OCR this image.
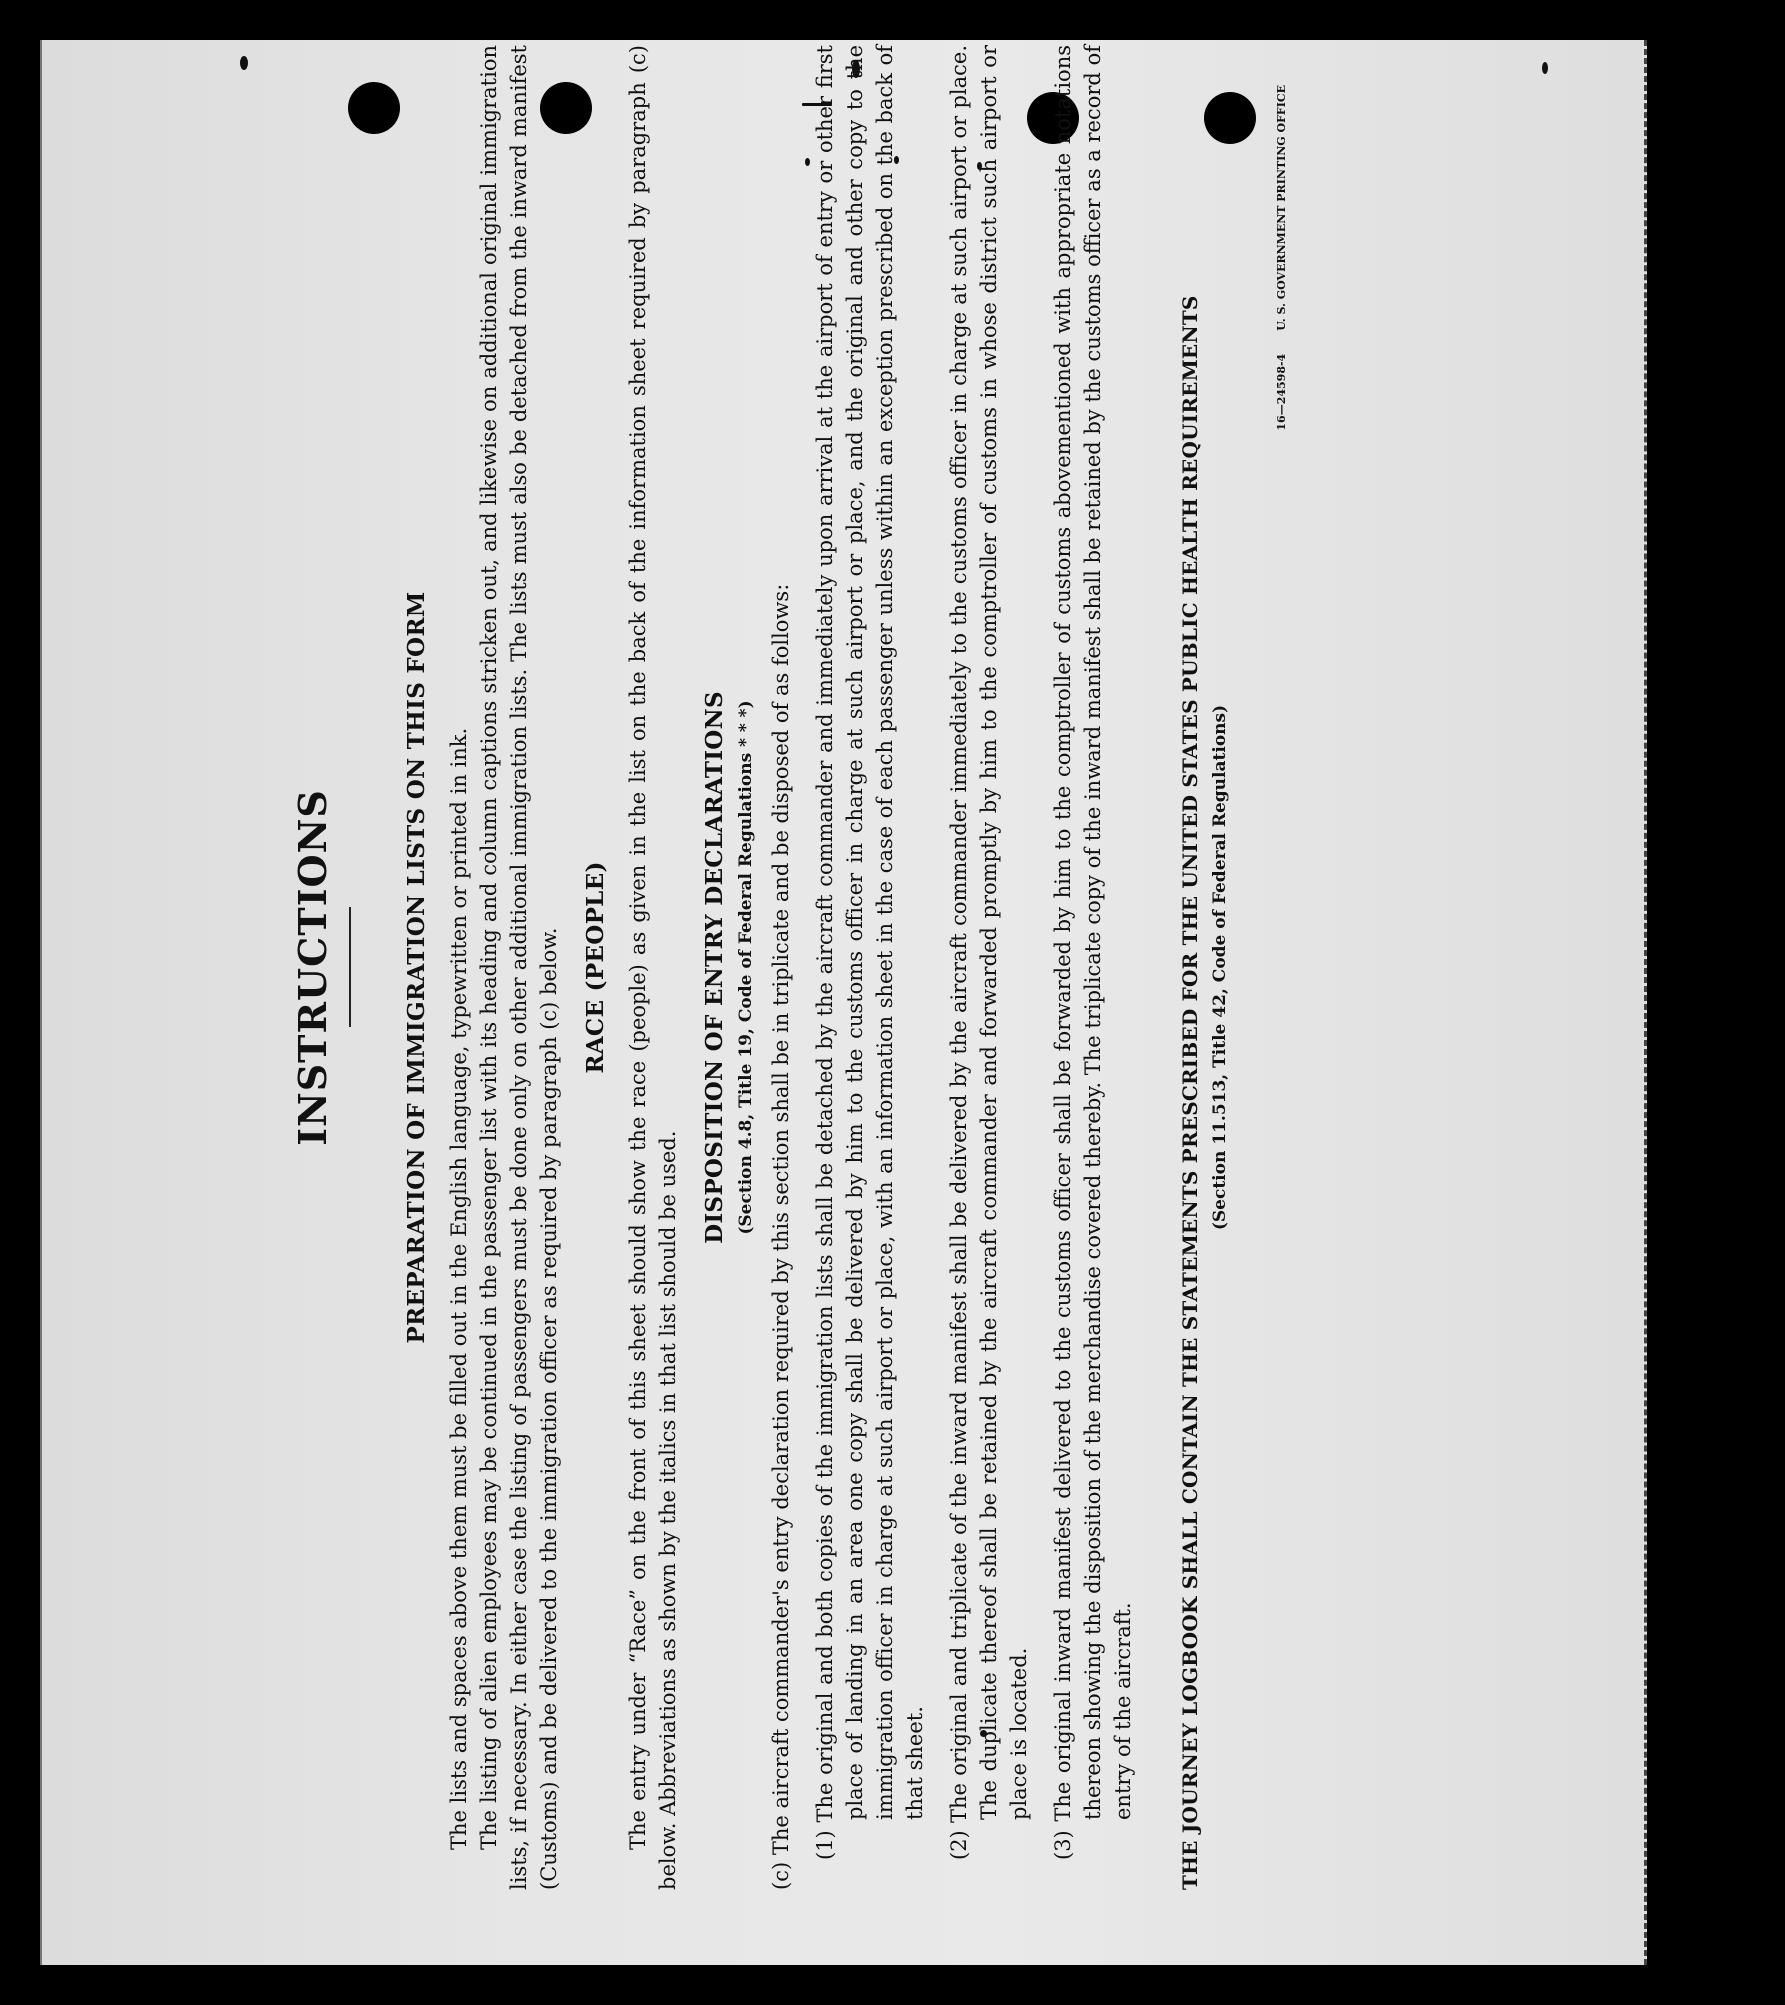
INSTRUCTIONS	PREPARATION OF IMMIGRATION LISTS ON THIS FORM The lists and spaces above them must be filled out in the English language, typewritten or printed in ink. The listing of alien employees may be continued in the passenger list with its heading and column captions stricken out, and likewise on additional original immigration lists, if necessary. In either case the listing of passengers must be done only on other additional immigration lists. The lists must also be detached from the inward manifest (Customs) and be delivered to the immigration officer as required by paragraph (c) below. RACE (PEOPLE) The entry under “Race” on the front of this sheet should show the race (people) as given in the list on the back of the information sheet required by paragraph (c) below. Abbreviations as shown by the italics in that list should be used.

DISPOSITION OF ENTRY DECLARATIONS (Section 4.8, Title 19, Code of Federal Regulations * * *) (c) The aircraft commander's entry declaration required by this section shall be in triplicate and be disposed of as follows: (1) The original and both copies of the immigration lists shall be detached by the aircraft commander and immediately upon arrival at the airport of entry or other first place of landing in an area one copy shall be delivered by him to the customs officer in charge at such airport or place, and the original and other copy to the immigration officer in charge at such airport or place, with an information sheet in the case of each passenger unless within an exception prescribed on the back of that sheet. (2) The original and triplicate of the inward manifest shall be delivered by the aircraft commander immediately to the customs officer in charge at such airport or place. The duplicate thereof shall be retained by the aircraft commander and forwarded promptly by him to the comptroller of customs in whose district such airport or place is located. (3) The original inward manifest delivered to the customs officer shall be forwarded by him to the comptroller of customs abovementioned with appropriate notations thereon showing the disposition of the merchandise covered thereby. The triplicate copy of the inward manifest shall be retained by the customs officer as a record of entry of the aircraft. THE JOURNEY LOGBOOK SHALL CONTAIN THE STATEMENTS PRESCRIBED FOR THE UNITED STATES PUBLIC HEALTH REQUIREMENTS (Section 11.513, Title 42, Code of Federal Regulations)

16—24598-4 U. S. GOVERNMENT PRINTING OFFICE
